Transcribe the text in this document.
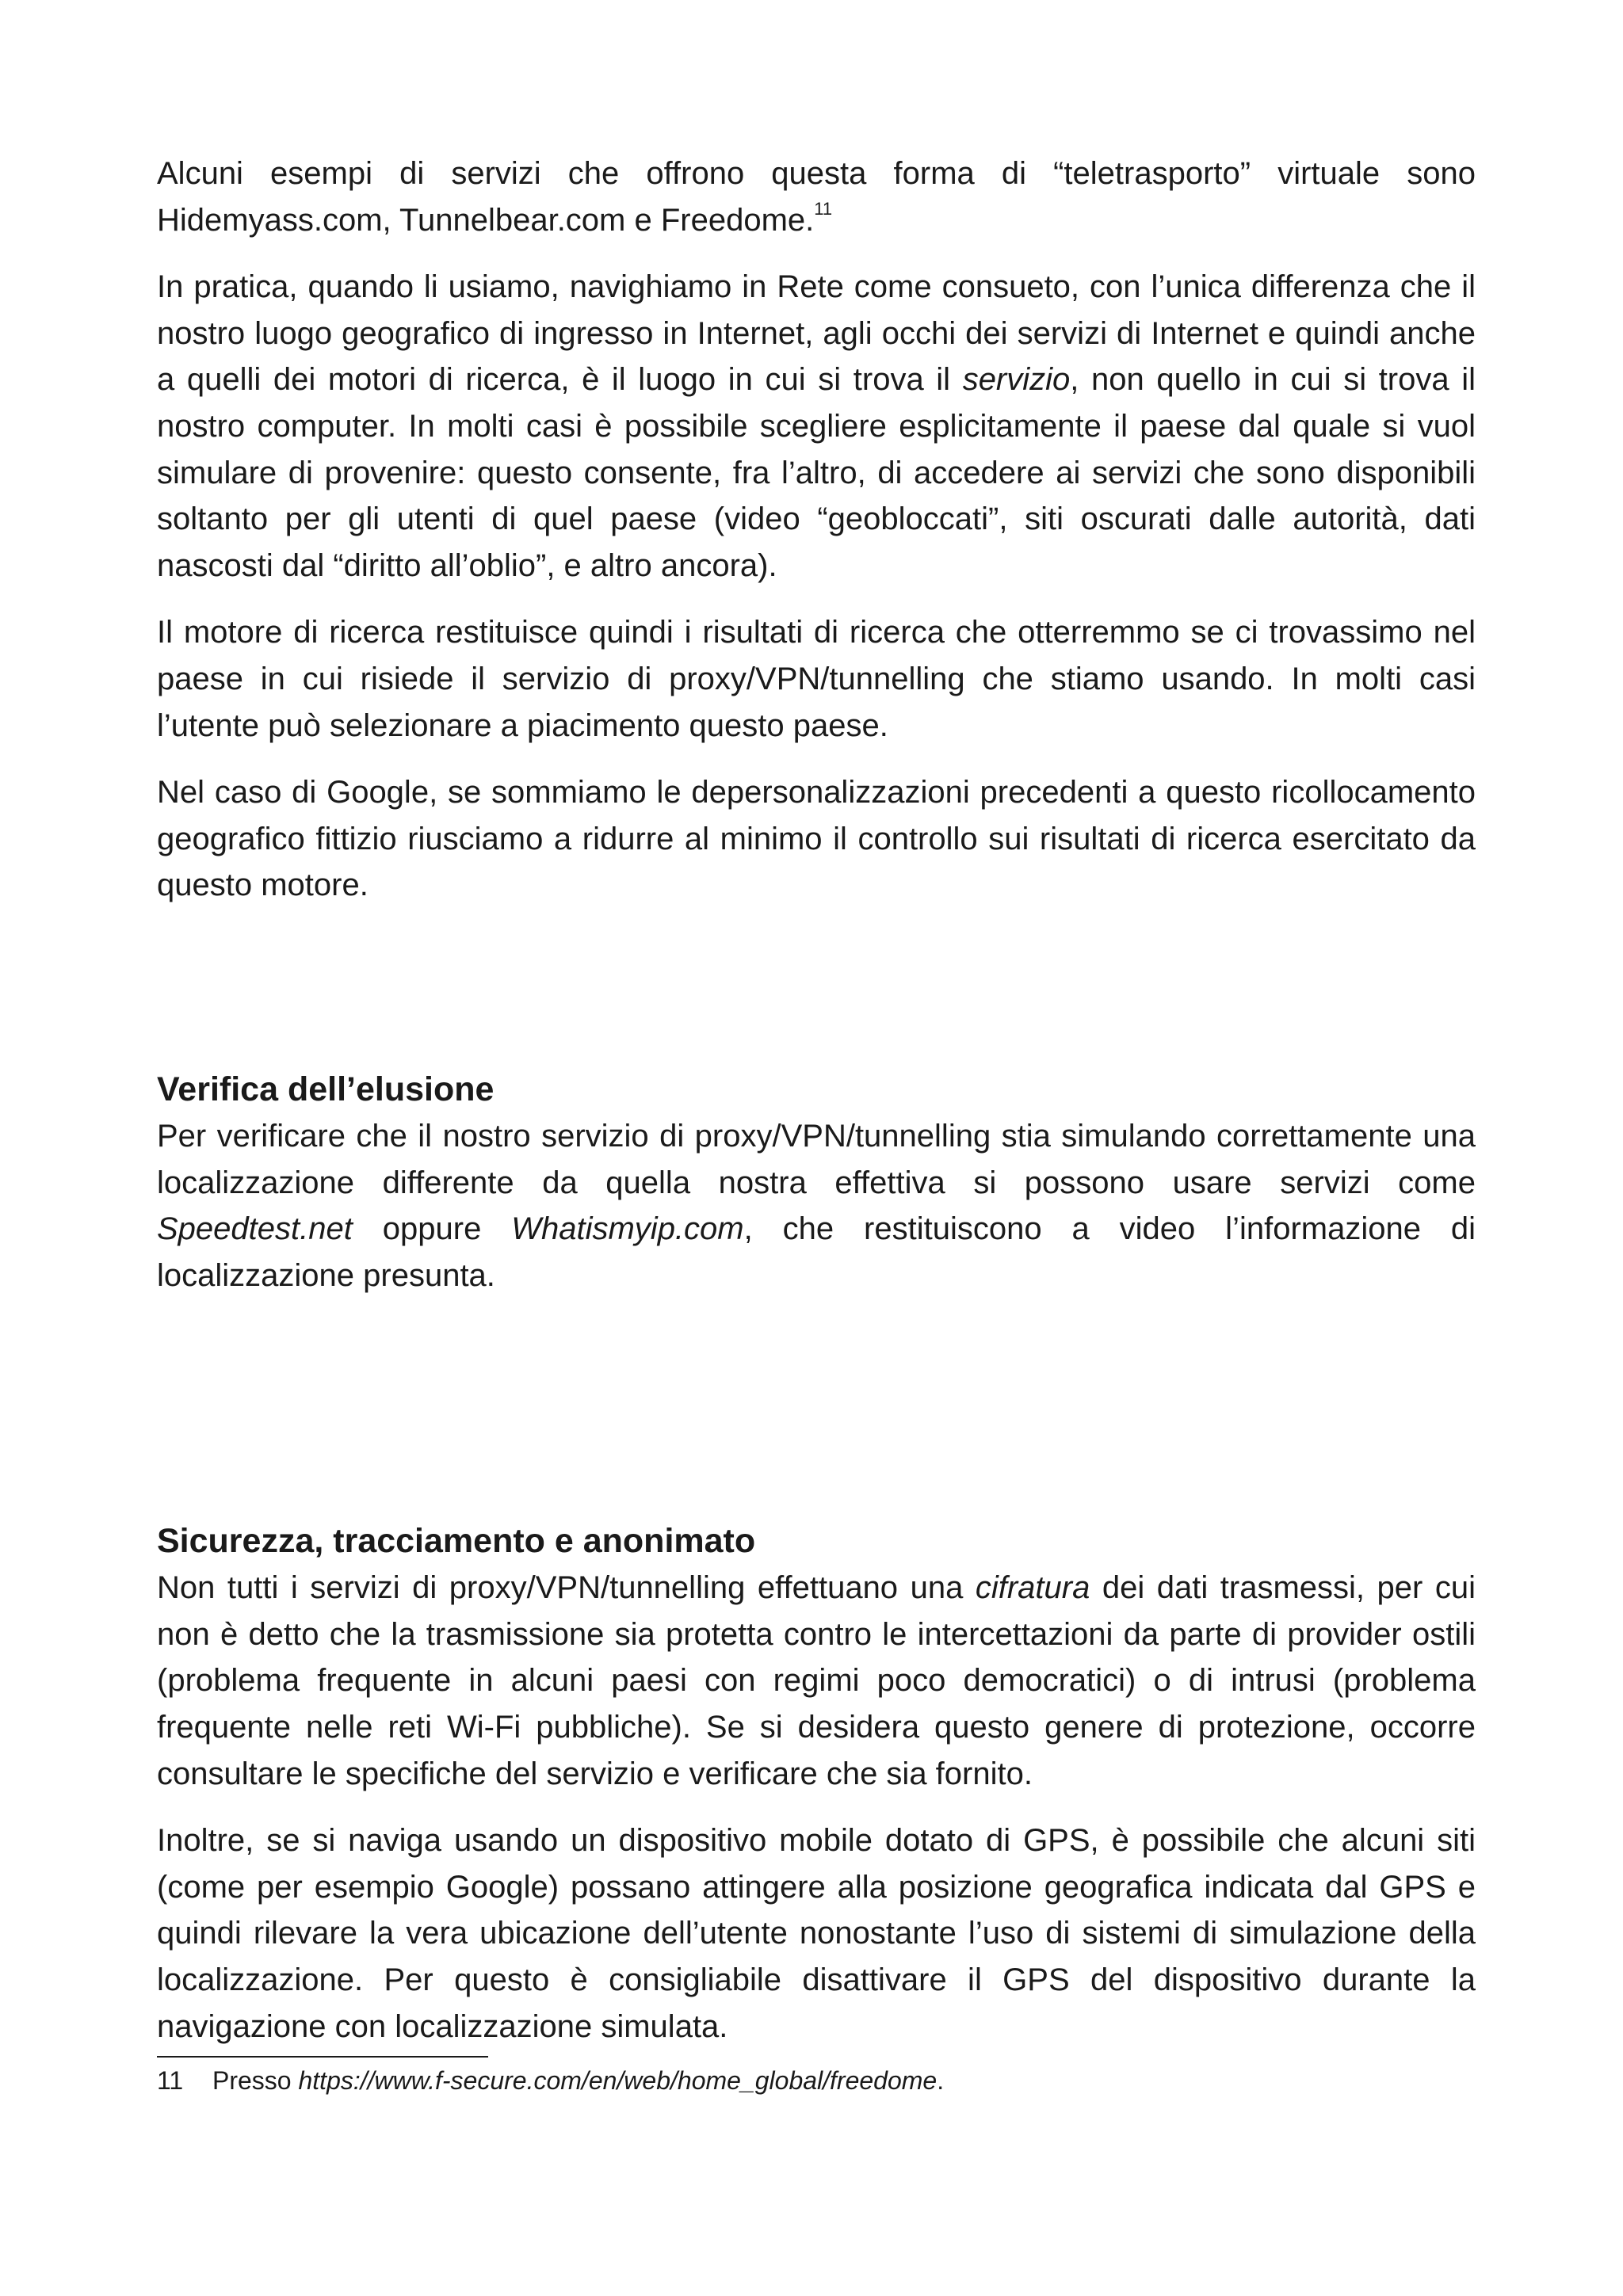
Alcuni esempi di servizi che offrono questa forma di “teletrasporto” virtuale sono Hidemyass.com, Tunnelbear.com e Freedome.$^{11}$

In pratica, quando li usiamo, navighiamo in Rete come consueto, con l’unica differenza che il nostro luogo geografico di ingresso in Internet, agli occhi dei servizi di Internet e quindi anche a quelli dei motori di ricerca, è il luogo in cui si trova il servizio, non quello in cui si trova il nostro computer. In molti casi è possibile scegliere esplicitamente il paese dal quale si vuol simulare di provenire: questo consente, fra l’altro, di accedere ai servizi che sono disponibili soltanto per gli utenti di quel paese (video “geobloccati”, siti oscurati dalle autorità, dati nascosti dal “diritto all’oblio”, e altro ancora).

Il motore di ricerca restituisce quindi i risultati di ricerca che otterremmo se ci trovassimo nel paese in cui risiede il servizio di proxy/VPN/tunnelling che stiamo usando. In molti casi l’utente può selezionare a piacimento questo paese.

Nel caso di Google, se sommiamo le depersonalizzazioni precedenti a questo ricollocamento geografico fittizio riusciamo a ridurre al minimo il controllo sui risultati di ricerca esercitato da questo motore.

Verifica dell’elusione

Per verificare che il nostro servizio di proxy/VPN/tunnelling stia simulando correttamente una localizzazione differente da quella nostra effettiva si possono usare servizi come Speedtest.net oppure Whatismyip.com, che restituiscono a video l’informazione di localizzazione presunta.

Sicurezza, tracciamento e anonimato

Non tutti i servizi di proxy/VPN/tunnelling effettuano una cifratura dei dati trasmessi, per cui non è detto che la trasmissione sia protetta contro le intercettazioni da parte di provider ostili (problema frequente in alcuni paesi con regimi poco democratici) o di intrusi (problema frequente nelle reti Wi-Fi pubbliche). Se si desidera questo genere di protezione, occorre consultare le specifiche del servizio e verificare che sia fornito.

Inoltre, se si naviga usando un dispositivo mobile dotato di GPS, è possibile che alcuni siti (come per esempio Google) possano attingere alla posizione geografica indicata dal GPS e quindi rilevare la vera ubicazione dell’utente nonostante l’uso di sistemi di simulazione della localizzazione. Per questo è consigliabile disattivare il GPS del dispositivo durante la navigazione con localizzazione simulata.

11 Presso https://www.f-secure.com/en/web/home_global/freedome.
